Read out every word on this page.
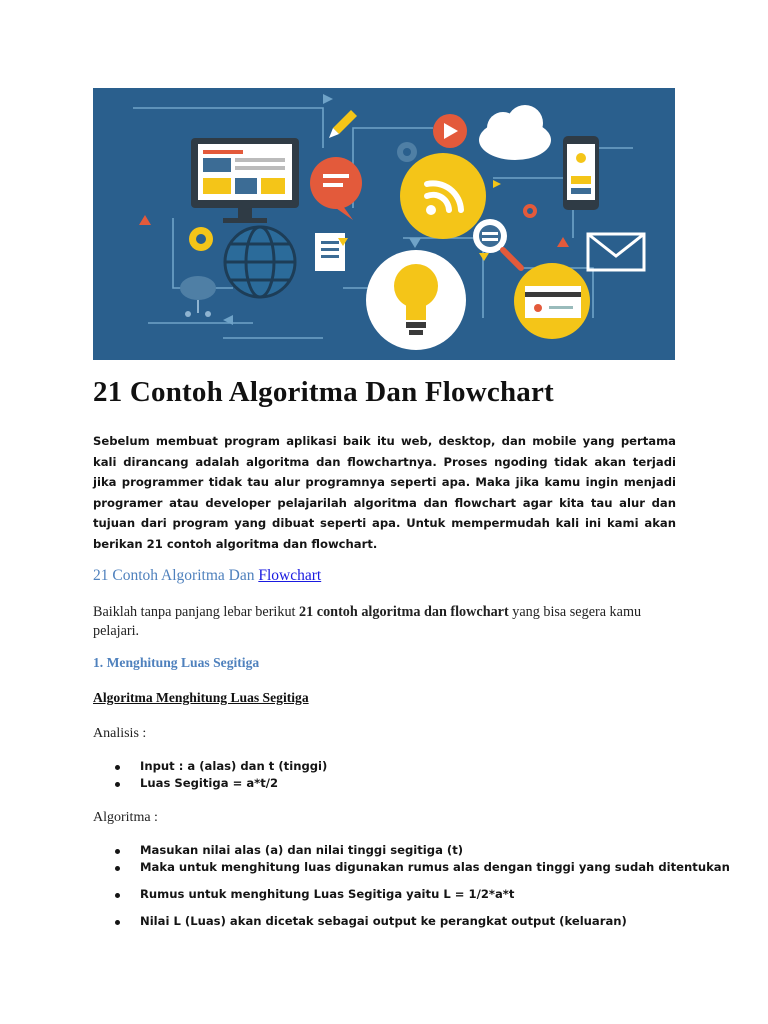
21 Contoh Algoritma Dan Flowchart

Sebelum membuat program aplikasi baik itu web, desktop, dan mobile yang pertama kali dirancang adalah algoritma dan flowchartnya. Proses ngoding tidak akan terjadi jika programmer tidak tau alur programnya seperti apa. Maka jika kamu ingin menjadi programer atau developer pelajarilah algoritma dan flowchart agar kita tau alur dan tujuan dari program yang dibuat seperti apa. Untuk mempermudah kali ini kami akan berikan 21 contoh algoritma dan flowchart.

21 Contoh Algoritma Dan Flowchart

Baiklah tanpa panjang lebar berikut 21 contoh algoritma dan flowchart yang bisa segera kamu pelajari.

1. Menghitung Luas Segitiga
Algoritma Menghitung Luas Segitiga

Analisis :

Input : a (alas) dan t (tinggi)
Luas Segitiga = a*t/2

Algoritma :

Masukan nilai alas (a) dan nilai tinggi segitiga (t)
Maka untuk menghitung luas digunakan rumus alas dengan tinggi yang sudah ditentukan
Rumus untuk menghitung Luas Segitiga yaitu L = 1/2*a*t
Nilai L (Luas) akan dicetak sebagai output ke perangkat output (keluaran)
